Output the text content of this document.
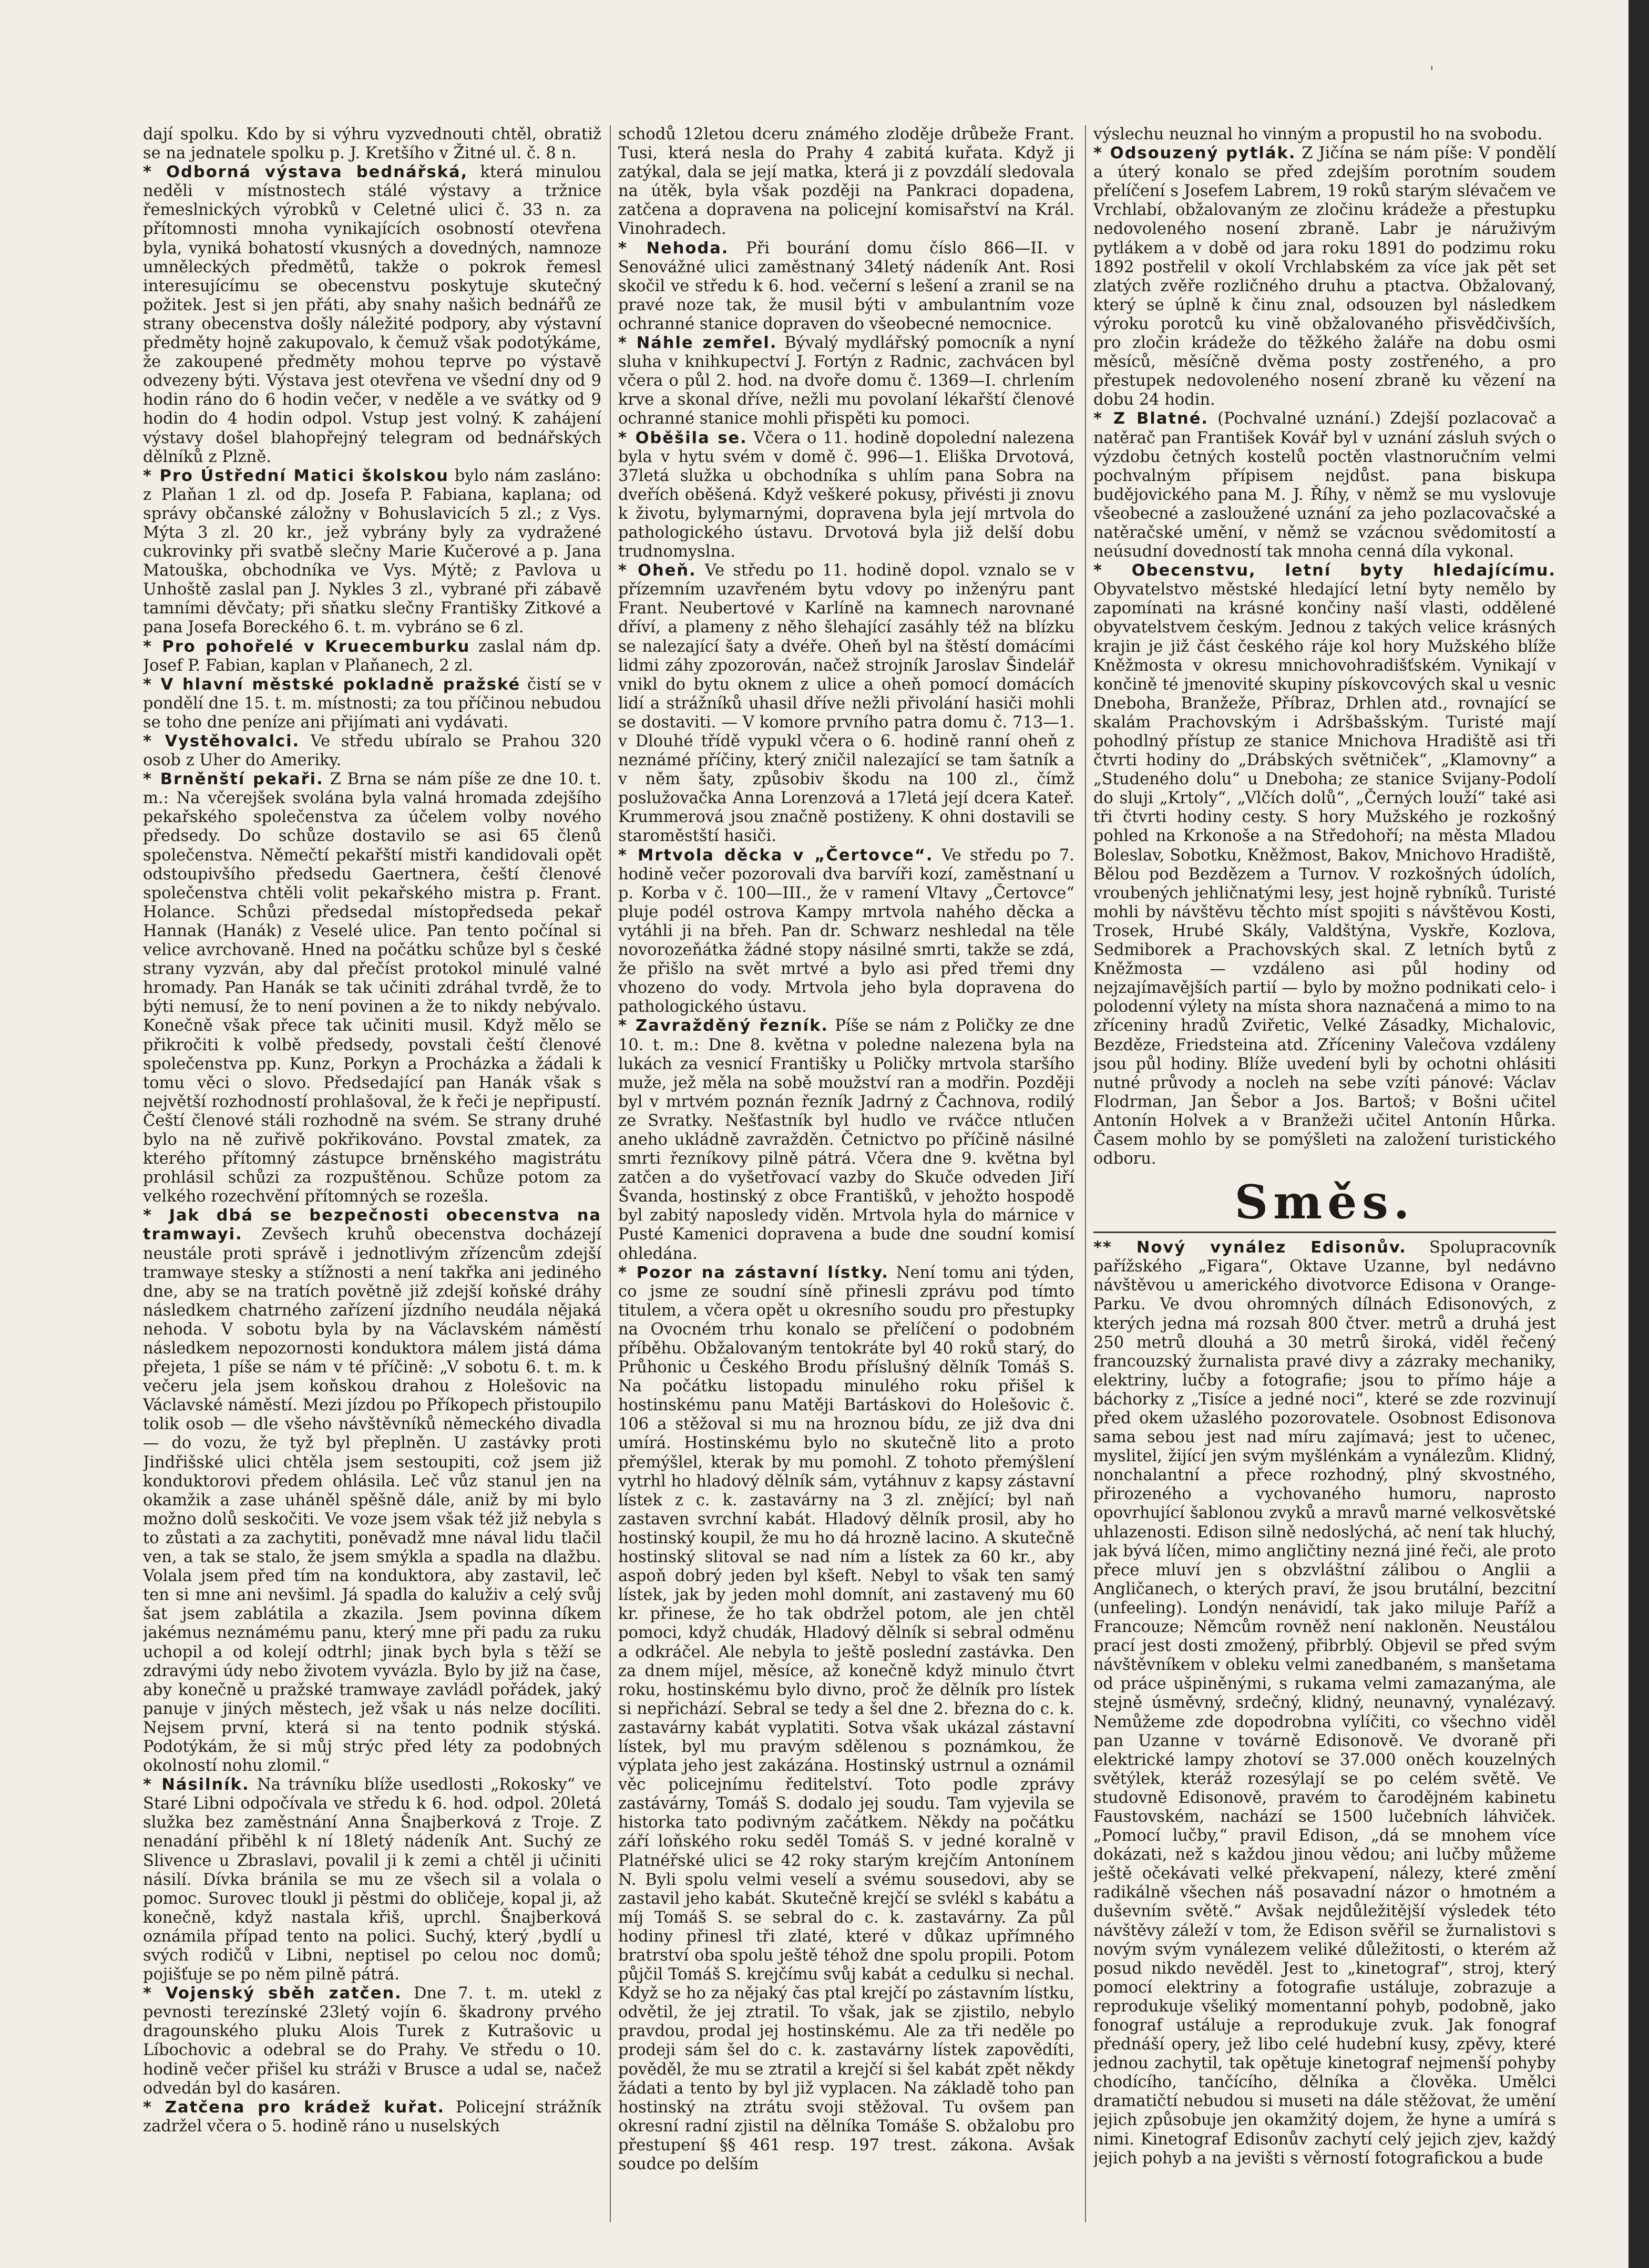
'

dají spolku. Kdo by si výhru vyzvednouti chtěl, obratiž se na jednatele spolku p. J. Kretšího v Žitné ul. č. 8 n.

* Odborná výstava bednářská, která minulou neděli v místnostech stálé výstavy a tržnice řemeslnických výrobků v Celetné ulici č. 33 n. za přítomnosti mnoha vynikajících osobností otevřena byla, vyniká bohatostí vkusných a dovedných, namnoze umněleckých předmětů, takže o pokrok řemesl interesujícímu se obecenstvu poskytuje skutečný požitek. Jest si jen přáti, aby snahy našich bednářů ze strany obecenstva došly náležité podpory, aby výstavní předměty hojně zakupovalo, k čemuž však podotýkáme, že zakoupené předměty mohou teprve po výstavě odvezeny býti. Výstava jest otevřena ve všední dny od 9 hodin ráno do 6 hodin večer, v neděle a ve svátky od 9 hodin do 4 hodin odpol. Vstup jest volný. K zahájení výstavy došel blahopřejný telegram od bednářských dělníků z Plzně.

* Pro Ústřední Matici školskou bylo nám zasláno: z Plaňan 1 zl. od dp. Josefa P. Fabiana, kaplana; od správy občanské záložny v Bohuslavicích 5 zl.; z Vys. Mýta 3 zl. 20 kr., jež vybrány byly za vydražené cukrovinky při svatbě slečny Marie Kučerové a p. Jana Matouška, obchodníka ve Vys. Mýtě; z Pavlova u Unhoště zaslal pan J. Nykles 3 zl., vybrané při zábavě tamními děvčaty; při sňatku slečny Františky Zitkové a pana Josefa Boreckého 6. t. m. vybráno se 6 zl.

* Pro pohořelé v Kruecemburku zaslal nám dp. Josef P. Fabian, kaplan v Plaňanech, 2 zl.

* V hlavní městské pokladně pražské čistí se v pondělí dne 15. t. m. místnosti; za tou příčinou nebudou se toho dne peníze ani přijímati ani vydávati.

* Vystěhovalci. Ve středu ubíralo se Prahou 320 osob z Uher do Ameriky.

* Brněnští pekaři. Z Brna se nám píše ze dne 10. t. m.: Na včerejšek svolána byla valná hromada zdejšího pekařského společenstva za účelem volby nového předsedy. Do schůze dostavilo se asi 65 členů společenstva. Němečtí pekařští mistři kandidovali opět odstoupivšího předsedu Gaertnera, čeští členové společenstva chtěli volit pekařského mistra p. Frant. Holance. Schůzi předsedal místopředseda pekař Hannak (Hanák) z Veselé ulice. Pan tento počínal si velice avrchovaně. Hned na počátku schůze byl s české strany vyzván, aby dal přečíst protokol minulé valné hromady. Pan Hanák se tak učiniti zdráhal tvrdě, že to býti nemusí, že to není povinen a že to nikdy nebývalo. Konečně však přece tak učiniti musil. Když mělo se přikročiti k volbě předsedy, povstali čeští členové společenstva pp. Kunz, Porkyn a Procházka a žádali k tomu věci o slovo. Předsedající pan Hanák však s největší rozhodností prohlašoval, že k řeči je nepřipustí. Čeští členové stáli rozhodně na svém. Se strany druhé bylo na ně zuřivě pokřikováno. Povstal zmatek, za kterého přítomný zástupce brněnského magistrátu prohlásil schůzi za rozpuštěnou. Schůze potom za velkého rozechvění přítomných se rozešla.

* Jak dbá se bezpečnosti obecenstva na tramwayi. Zevšech kruhů obecenstva docházejí neustále proti správě i jednotlivým zřízencům zdejší tramwaye stesky a stížnosti a není takřka ani jediného dne, aby se na tratích povětně již zdejší koňské dráhy následkem chatrného zařízení jízdního neudála nějaká nehoda. V sobotu byla by na Václavském náměstí následkem nepozornosti konduktora málem jistá dáma přejeta, 1 píše se nám v té příčině: „V sobotu 6. t. m. k večeru jela jsem koňskou drahou z Holešovic na Václavské náměstí. Mezi jízdou po Příkopech přistoupilo tolik osob — dle všeho návštěvníků německého divadla — do vozu, že tyž byl přeplněn. U zastávky proti Jindřišské ulici chtěla jsem sestoupiti, což jsem již konduktorovi předem ohlásila. Leč vůz stanul jen na okamžik a zase uháněl spěšně dále, aniž by mi bylo možno dolů seskočiti. Ve voze jsem však též již nebyla s to zůstati a za zachytiti, poněvadž mne nával lidu tlačil ven, a tak se stalo, že jsem smýkla a spadla na dlažbu. Volala jsem před tím na konduktora, aby zastavil, leč ten si mne ani nevšiml. Já spadla do kaluživ a celý svůj šat jsem zablátila a zkazila. Jsem povinna díkem jakémus neznámému panu, který mne při padu za ruku uchopil a od kolejí odtrhl; jinak bych byla s těží se zdravými údy nebo životem vyvázla. Bylo by již na čase, aby konečně u pražské tramwaye zavládl pořádek, jaký panuje v jiných městech, jež však u nás nelze docíliti. Nejsem první, která si na tento podnik stýská. Podotýkám, že si můj strýc před léty za podobných okolností nohu zlomil.“

* Násilník. Na trávníku blíže usedlosti „Rokosky“ ve Staré Libni odpočívala ve středu k 6. hod. odpol. 20letá služka bez zaměstnání Anna Šnajberková z Troje. Z nenadání přiběhl k ní 18letý nádeník Ant. Suchý ze Slivence u Zbraslavi, povalil ji k zemi a chtěl ji učiniti násilí. Dívka bránila se mu ze všech sil a volala o pomoc. Surovec tloukl ji pěstmi do obličeje, kopal ji, až konečně, když nastala křiš, uprchl. Šnajberková oznámila případ tento na polici. Suchý, který ,bydlí u svých rodičů v Libni, neptisel po celou noc domů; pojišťuje se po něm pilně pátrá.

* Vojenský sběh zatčen. Dne 7. t. m. utekl z pevnosti terezínské 23letý vojín 6. škadrony prvého dragounského pluku Alois Turek z Kutrašovic u Líbochovic a odebral se do Prahy. Ve středu o 10. hodině večer přišel ku stráži v Brusce a udal se, načež odvedán byl do kasáren.

* Zatčena pro krádež kuřat. Policejní strážník zadržel včera o 5. hodině ráno u nuselských

schodů 12letou dceru známého zloděje drůbeže Frant. Tusi, která nesla do Prahy 4 zabitá kuřata. Když ji zatýkal, dala se její matka, která ji z povzdálí sledovala na útěk, byla však později na Pankraci dopadena, zatčena a dopravena na policejní komisařství na Král. Vinohradech.

* Nehoda. Při bourání domu číslo 866—II. v Senovážné ulici zaměstnaný 34letý nádeník Ant. Rosi skočil ve středu k 6. hod. večerní s lešení a zranil se na pravé noze tak, že musil býti v ambulantním voze ochranné stanice dopraven do všeobecné nemocnice.

* Náhle zemřel. Bývalý mydlářský pomocník a nyní sluha v knihkupectví J. Fortýn z Radnic, zachvácen byl včera o půl 2. hod. na dvoře domu č. 1369—I. chrlením krve a skonal dříve, nežli mu povolaní lékařští členové ochranné stanice mohli přispěti ku pomoci.

* Oběšila se. Včera o 11. hodině dopolední nalezena byla v hytu svém v domě č. 996—1. Eliška Drvotová, 37letá služka u obchodníka s uhlím pana Sobra na dveřích oběšená. Když veškeré pokusy, přivésti ji znovu k životu, bylymarnými, dopravena byla její mrtvola do pathologického ústavu. Drvotová byla již delší dobu trudnomyslna.

* Oheň. Ve středu po 11. hodině dopol. vznalo se v přízemním uzavřeném bytu vdovy po inženýru pant Frant. Neubertové v Karlíně na kamnech narovnané dříví, a plameny z něho šlehající zasáhly též na blízku se nalezající šaty a dvéře. Oheň byl na štěstí domácími lidmi záhy zpozorován, načež strojník Jaroslav Šindelář vnikl do bytu oknem z ulice a oheň pomocí domácích lidí a strážníků uhasil dříve nežli přivolání hasiči mohli se dostaviti. — V komore prvního patra domu č. 713—1. v Dlouhé třídě vypukl včera o 6. hodině ranní oheň z neznámé příčiny, který zničil nalezající se tam šatník a v něm šaty, způsobiv škodu na 100 zl., čímž poslužovačka Anna Lorenzová a 17letá její dcera Kateř. Krummerová jsou značně postiženy. K ohni dostavili se staroměstští hasiči.

* Mrtvola děcka v „Čertovce“. Ve středu po 7. hodině večer pozorovali dva barvíři kozí, zaměstnaní u p. Korba v č. 100—III., že v ramení Vltavy „Čertovce“ pluje podél ostrova Kampy mrtvola nahého děcka a vytáhli ji na břeh. Pan dr. Schwarz neshledal na těle novorozeňátka žádné stopy násilné smrti, takže se zdá, že přišlo na svět mrtvé a bylo asi před třemi dny vhozeno do vody. Mrtvola jeho byla dopravena do pathologického ústavu.

* Zavražděný řezník. Píše se nám z Poličky ze dne 10. t. m.: Dne 8. května v poledne nalezena byla na lukách za vesnicí Františky u Poličky mrtvola staršího muže, jež měla na sobě moužství ran a modřin. Později byl v mrtvém poznán řezník Jadrný z Čachnova, rodilý ze Svratky. Nešťastník byl hudlo ve rváčce ntlučen aneho ukládně zavražděn. Četnictvo po příčině násilné smrti řezníkovy pilně pátrá. Včera dne 9. května byl zatčen a do vyšetřovací vazby do Skuče odveden Jiří Švanda, hostinský z obce Františků, v jehožto hospodě byl zabitý naposledy viděn. Mrtvola hyla do márnice v Pusté Kamenici dopravena a bude dne soudní komisí ohledána.

* Pozor na zástavní lístky. Není tomu ani týden, co jsme ze soudní síně přinesli zprávu pod tímto titulem, a včera opět u okresního soudu pro přestupky na Ovocném trhu konalo se přelíčení o podobném příběhu. Obžalovaným tentokráte byl 40 roků starý, do Průhonic u Českého Brodu příslušný dělník Tomáš S. Na počátku listopadu minulého roku přišel k hostinskému panu Matěji Bartáskovi do Holešovic č. 106 a stěžoval si mu na hroznou bídu, ze již dva dni umírá. Hostinskému bylo no skutečně lito a proto přemýšlel, kterak by mu pomohl. Z tohoto přemýšlení vytrhl ho hladový dělník sám, vytáhnuv z kapsy zástavní lístek z c. k. zastavárny na 3 zl. znějící; byl naň zastaven svrchní kabát. Hladový dělník prosil, aby ho hostinský koupil, že mu ho dá hrozně lacino. A skutečně hostinský slitoval se nad ním a lístek za 60 kr., aby aspoň dobrý jeden byl kšeft. Nebyl to však ten samý lístek, jak by jeden mohl domnít, ani zastavený mu 60 kr. přinese, že ho tak obdržel potom, ale jen chtěl pomoci, když chudák, Hladový dělník si sebral odměnu a odkráčel. Ale nebyla to ještě poslední zastávka. Den za dnem míjel, měsíce, až konečně když minulo čtvrt roku, hostinskému bylo divno, proč že dělník pro lístek si nepřichází. Sebral se tedy a šel dne 2. března do c. k. zastavárny kabát vyplatiti. Sotva však ukázal zástavní lístek, byl mu pravým sdělenou s poznámkou, že výplata jeho jest zakázána. Hostinský ustrnul a oznámil věc policejnímu ředitelství. Toto podle zprávy zastávárny, Tomáš S. dodalo jej soudu. Tam vyjevila se historka tato podivným začátkem. Někdy na počátku září loňského roku seděl Tomáš S. v jedné koralně v Platnéřské ulici se 42 roky starým krejčím Antonínem N. Byli spolu velmi veselí a svému sousedovi, aby se zastavil jeho kabát. Skutečně krejčí se svlékl s kabátu a míj Tomáš S. se sebral do c. k. zastavárny. Za půl hodiny přinesl tři zlaté, které v důkaz upřímného bratrství oba spolu ještě téhož dne spolu propili. Potom půjčil Tomáš S. krejčímu svůj kabát a cedulku si nechal. Když se ho za nějaký čas ptal krejčí po zástavním lístku, odvětil, že jej ztratil. To však, jak se zjistilo, nebylo pravdou, prodal jej hostinskému. Ale za tři neděle po prodeji sám šel do c. k. zastavárny lístek zapovědíti, pověděl, že mu se ztratil a krejčí si šel kabát zpět někdy žádati a tento by byl již vyplacen. Na základě toho pan hostinský na ztrátu svoji stěžoval. Tu ovšem pan okresní radní zjistil na dělníka Tomáše S. obžalobu pro přestupení §§ 461 resp. 197 trest. zákona. Avšak soudce po delším

výslechu neuznal ho vinným a propustil ho na svobodu.

* Odsouzený pytlák. Z Jičína se nám píše: V pondělí a úterý konalo se před zdejším porotním soudem přelíčení s Josefem Labrem, 19 roků starým slévačem ve Vrchlabí, obžalovaným ze zločinu krádeže a přestupku nedovoleného nosení zbraně. Labr je náruživým pytlákem a v době od jara roku 1891 do podzimu roku 1892 postřelil v okolí Vrchlabském za více jak pět set zlatých zvěře rozličného druhu a ptactva. Obžalovaný, který se úplně k činu znal, odsouzen byl následkem výroku porotců ku vině obžalovaného přisvědčivších, pro zločin krádeže do těžkého žaláře na dobu osmi měsíců, měsíčně dvěma posty zostřeného, a pro přestupek nedovoleného nosení zbraně ku vězení na dobu 24 hodin.

* Z Blatné. (Pochvalné uznání.) Zdejší pozlacovač a natěrač pan František Kovář byl v uznání zásluh svých o výzdobu četných kostelů poctěn vlastnoručním velmi pochvalným přípisem nejdůst. pana biskupa budějovického pana M. J. Říhy, v němž se mu vyslovuje všeobecné a zasloužené uznání za jeho pozlacovačské a natěračské umění, v němž se vzácnou svědomitostí a neúsudní dovedností tak mnoha cenná díla vykonal.

* Obecenstvu, letní byty hledajícímu. Obyvatelstvo městské hledající letní byty nemělo by zapomínati na krásné končiny naší vlasti, oddělené obyvatelstvem českým. Jednou z takých velice krásných krajin je již část českého ráje kol hory Mužského blíže Kněžmosta v okresu mnichovohradišťském. Vynikají v končině té jmenovité skupiny pískovcových skal u vesnic Dneboha, Branžeže, Příbraz, Drhlen atd., rovnající se skalám Prachovským i Adršbašským. Turisté mají pohodlný přístup ze stanice Mnichova Hradiště asi tři čtvrti hodiny do „Drábských světniček“, „Klamovny“ a „Studeného dolu“ u Dneboha; ze stanice Svijany-Podolí do sluji „Krtoly“, „Vlčích dolů“, „Černých louží“ také asi tři čtvrti hodiny cesty. S hory Mužského je rozkošný pohled na Krkonoše a na Středohoří; na města Mladou Boleslav, Sobotku, Kněžmost, Bakov, Mnichovo Hradiště, Bělou pod Bezdězem a Turnov. V rozkošných údolích, vroubených jehličnatými lesy, jest hojně rybníků. Turisté mohli by návštěvu těchto míst spojiti s návštěvou Kosti, Trosek, Hrubé Skály, Valdštýna, Vyskře, Kozlova, Sedmiborek a Prachovských skal. Z letních bytů z Kněžmosta — vzdáleno asi půl hodiny od nejzajímavějších partií — bylo by možno podnikati celo- i polodenní výlety na místa shora naznačená a mimo to na zříceniny hradů Zviřetic, Velké Zásadky, Michalovic, Bezděze, Friedsteina atd. Zříceniny Valečova vzdáleny jsou půl hodiny. Blíže uvedení byli by ochotni ohlásiti nutné průvody a nocleh na sebe vzíti pánové: Václav Flodrman, Jan Šebor a Jos. Bartoš; v Bošni učitel Antonín Holvek a v Branžeži učitel Antonín Hůrka. Časem mohlo by se pomýšleti na založení turistického odboru.

Směs.

** Nový vynález Edisonův. Spolupracovník pařížského „Figara“, Oktave Uzanne, byl nedávno návštěvou u amerického divotvorce Edisona v Orange-Parku. Ve dvou ohromných dílnách Edisonových, z kterých jedna má rozsah 800 čtver. metrů a druhá jest 250 metrů dlouhá a 30 metrů široká, viděl řečený francouzský žurnalista pravé divy a zázraky mechaniky, elektriny, lučby a fotografie; jsou to přímo háje a báchorky z „Tisíce a jedné noci“, které se zde rozvinují před okem užaslého pozorovatele. Osobnost Edisonova sama sebou jest nad míru zajímavá; jest to učenec, myslitel, žijící jen svým myšlénkám a vynálezům. Klidný, nonchalantní a přece rozhodný, plný skvostného, přirozeného a vychovaného humoru, naprosto opovrhující šablonou zvyků a mravů marné velkosvětské uhlazenosti. Edison silně nedoslýchá, ač není tak hluchý, jak bývá líčen, mimo angličtiny nezná jiné řeči, ale proto přece mluví jen s obzvláštní zálibou o Anglii a Angličanech, o kterých praví, že jsou brutální, bezcitní (unfeeling). Londýn nenávidí, tak jako miluje Paříž a Francouze; Němcům rovněž není nakloněn. Neustálou prací jest dosti zmožený, přibrblý. Objevil se před svým návštěvníkem v obleku velmi zanedbaném, s manšetama od práce ušpiněnými, s rukama velmi zamazanýma, ale stejně úsměvný, srdečný, klidný, neunavný, vynalézavý. Nemůžeme zde dopodrobna vylíčiti, co všechno viděl pan Uzanne v továrně Edisonově. Ve dvoraně při elektrické lampy zhotoví se 37.000 oněch kouzelných světýlek, kteráž rozesýlají se po celém světě. Ve studovně Edisonově, pravém to čarodějném kabinetu Faustovském, nachází se 1500 lučebních láhviček. „Pomocí lučby,“ pravil Edison, „dá se mnohem více dokázati, než s každou jinou vědou; ani lučby můžeme ještě očekávati velké překvapení, nálezy, které změní radikálně všechen náš posavadní názor o hmotném a duševním světě.“ Avšak nejdůležitější výsledek této návštěvy záleží v tom, že Edison svěřil se žurnalistovi s novým svým vynálezem veliké důležitosti, o kterém až posud nikdo nevěděl. Jest to „kinetograf“, stroj, který pomocí elektriny a fotografie ustáluje, zobrazuje a reprodukuje všeliký momentanní pohyb, podobně, jako fonograf ustáluje a reprodukuje zvuk. Jak fonograf přednáší opery, jež libo celé hudební kusy, zpěvy, které jednou zachytil, tak opětuje kinetograf nejmenší pohyby chodícího, tančícího, dělníka a člověka. Umělci dramatičtí nebudou si museti na dále stěžovat, že umění jejich způsobuje jen okamžitý dojem, že hyne a umírá s nimi. Kinetograf Edisonův zachytí celý jejich zjev, každý jejich pohyb a na jevišti s věrností fotografickou a bude
